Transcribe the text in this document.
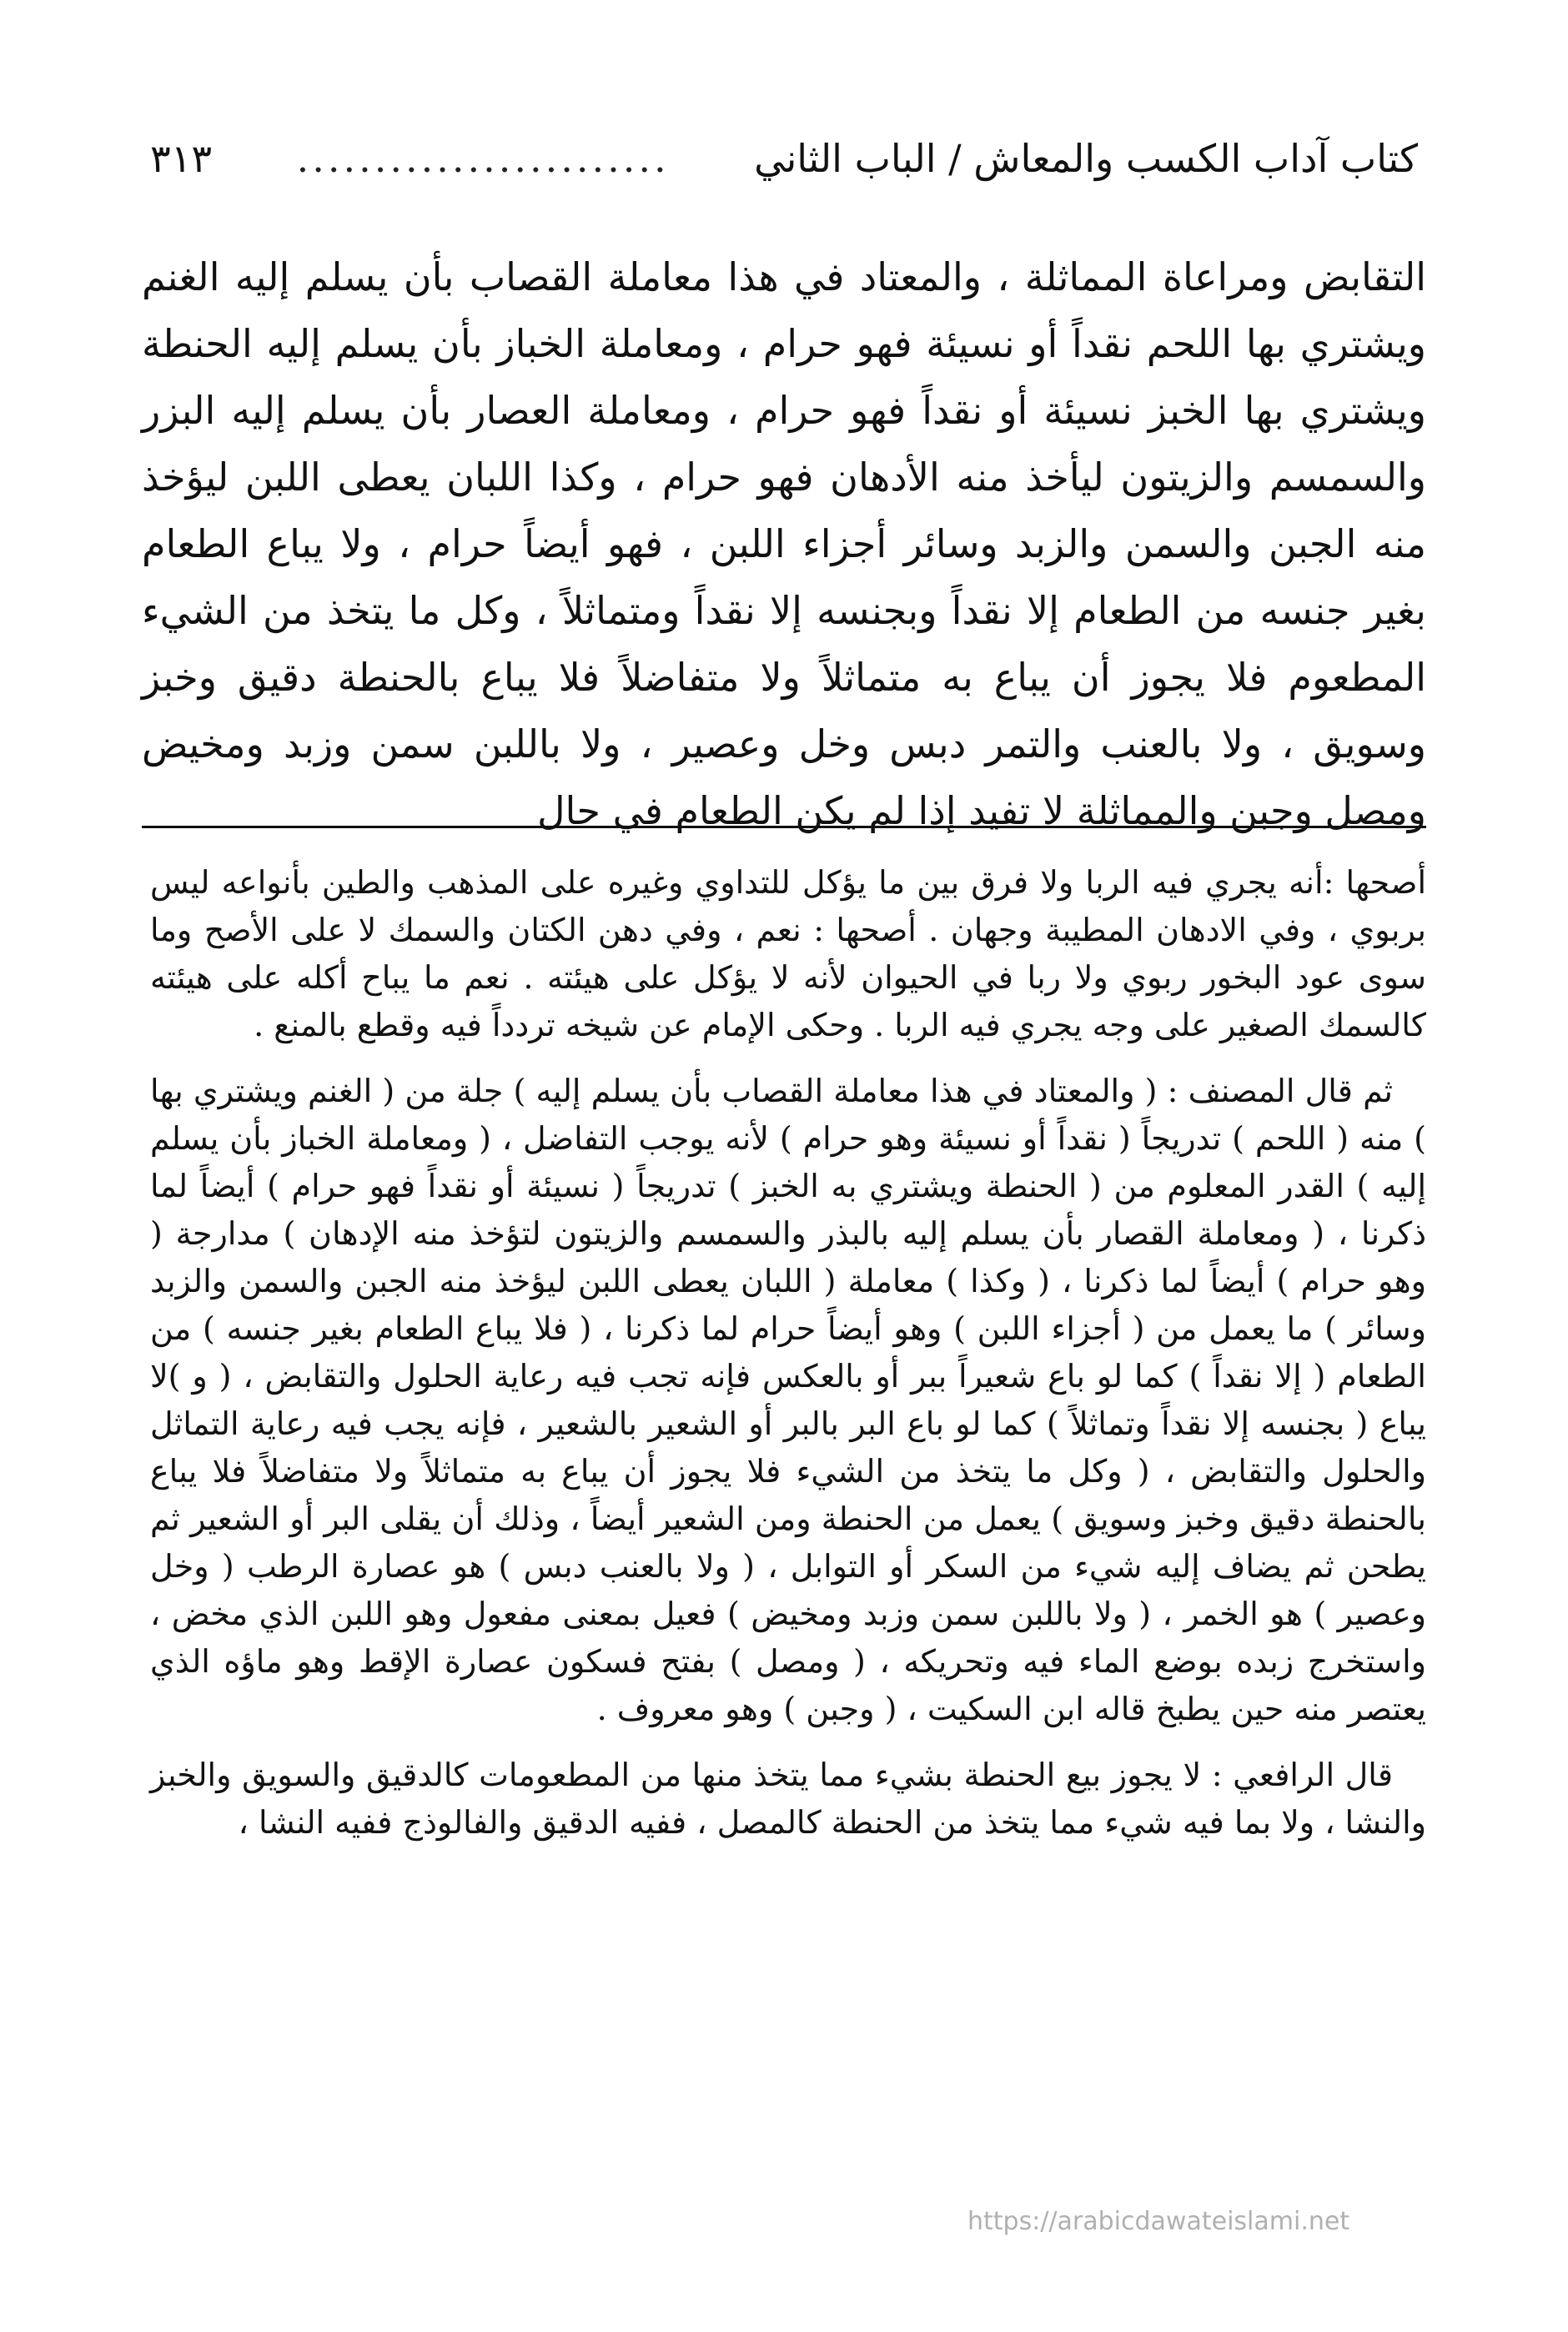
كتاب آداب الكسب والمعاش / الباب الثاني
........................
٣١٣

التقابض ومراعاة المماثلة ، والمعتاد في هذا معاملة القصاب بأن يسلم إليه الغنم ويشتري بها اللحم نقداً أو نسيئة فهو حرام ، ومعاملة الخباز بأن يسلم إليه الحنطة ويشتري بها الخبز نسيئة أو نقداً فهو حرام ، ومعاملة العصار بأن يسلم إليه البزر والسمسم والزيتون ليأخذ منه الأدهان فهو حرام ، وكذا اللبان يعطى اللبن ليؤخذ منه الجبن والسمن والزبد وسائر أجزاء اللبن ، فهو أيضاً حرام ، ولا يباع الطعام بغير جنسه من الطعام إلا نقداً وبجنسه إلا نقداً ومتماثلاً ، وكل ما يتخذ من الشيء المطعوم فلا يجوز أن يباع به متماثلاً ولا متفاضلاً فلا يباع بالحنطة دقيق وخبز وسويق ، ولا بالعنب والتمر دبس وخل وعصير ، ولا باللبن سمن وزبد ومخيض ومصل وجبن والمماثلة لا تفيد إذا لم يكن الطعام في حال

أصحها :أنه يجري فيه الربا ولا فرق بين ما يؤكل للتداوي وغيره على المذهب والطين بأنواعه ليس بربوي ، وفي الادهان المطيبة وجهان . أصحها : نعم ، وفي دهن الكتان والسمك لا على الأصح وما سوى عود البخور ربوي ولا ربا في الحيوان لأنه لا يؤكل على هيئته . نعم ما يباح أكله على هيئته كالسمك الصغير على وجه يجري فيه الربا . وحكى الإمام عن شيخه تردداً فيه وقطع بالمنع .

ثم قال المصنف : ( والمعتاد في هذا معاملة القصاب بأن يسلم إليه ) جلة من ( الغنم ويشتري بها ) منه ( اللحم ) تدريجاً ( نقداً أو نسيئة وهو حرام ) لأنه يوجب التفاضل ، ( ومعاملة الخباز بأن يسلم إليه ) القدر المعلوم من ( الحنطة ويشتري به الخبز ) تدريجاً ( نسيئة أو نقداً فهو حرام ) أيضاً لما ذكرنا ، ( ومعاملة القصار بأن يسلم إليه بالبذر والسمسم والزيتون لتؤخذ منه الإدهان ) مدارجة ( وهو حرام ) أيضاً لما ذكرنا ، ( وكذا ) معاملة ( اللبان يعطى اللبن ليؤخذ منه الجبن والسمن والزبد وسائر ) ما يعمل من ( أجزاء اللبن ) وهو أيضاً حرام لما ذكرنا ، ( فلا يباع الطعام بغير جنسه ) من الطعام ( إلا نقداً ) كما لو باع شعيراً ببر أو بالعكس فإنه تجب فيه رعاية الحلول والتقابض ، ( و )لا يباع ( بجنسه إلا نقداً وتماثلاً ) كما لو باع البر بالبر أو الشعير بالشعير ، فإنه يجب فيه رعاية التماثل والحلول والتقابض ، ( وكل ما يتخذ من الشيء فلا يجوز أن يباع به متماثلاً ولا متفاضلاً فلا يباع بالحنطة دقيق وخبز وسويق ) يعمل من الحنطة ومن الشعير أيضاً ، وذلك أن يقلى البر أو الشعير ثم يطحن ثم يضاف إليه شيء من السكر أو التوابل ، ( ولا بالعنب دبس ) هو عصارة الرطب ( وخل وعصير ) هو الخمر ، ( ولا باللبن سمن وزبد ومخيض ) فعيل بمعنى مفعول وهو اللبن الذي مخض ، واستخرج زبده بوضع الماء فيه وتحريكه ، ( ومصل ) بفتح فسكون عصارة الإقط وهو ماؤه الذي يعتصر منه حين يطبخ قاله ابن السكيت ، ( وجبن ) وهو معروف .

قال الرافعي : لا يجوز بيع الحنطة بشيء مما يتخذ منها من المطعومات كالدقيق والسويق والخبز والنشا ، ولا بما فيه شيء مما يتخذ من الحنطة كالمصل ، ففيه الدقيق والفالوذج ففيه النشا ،

https://arabicdawateislami.net
